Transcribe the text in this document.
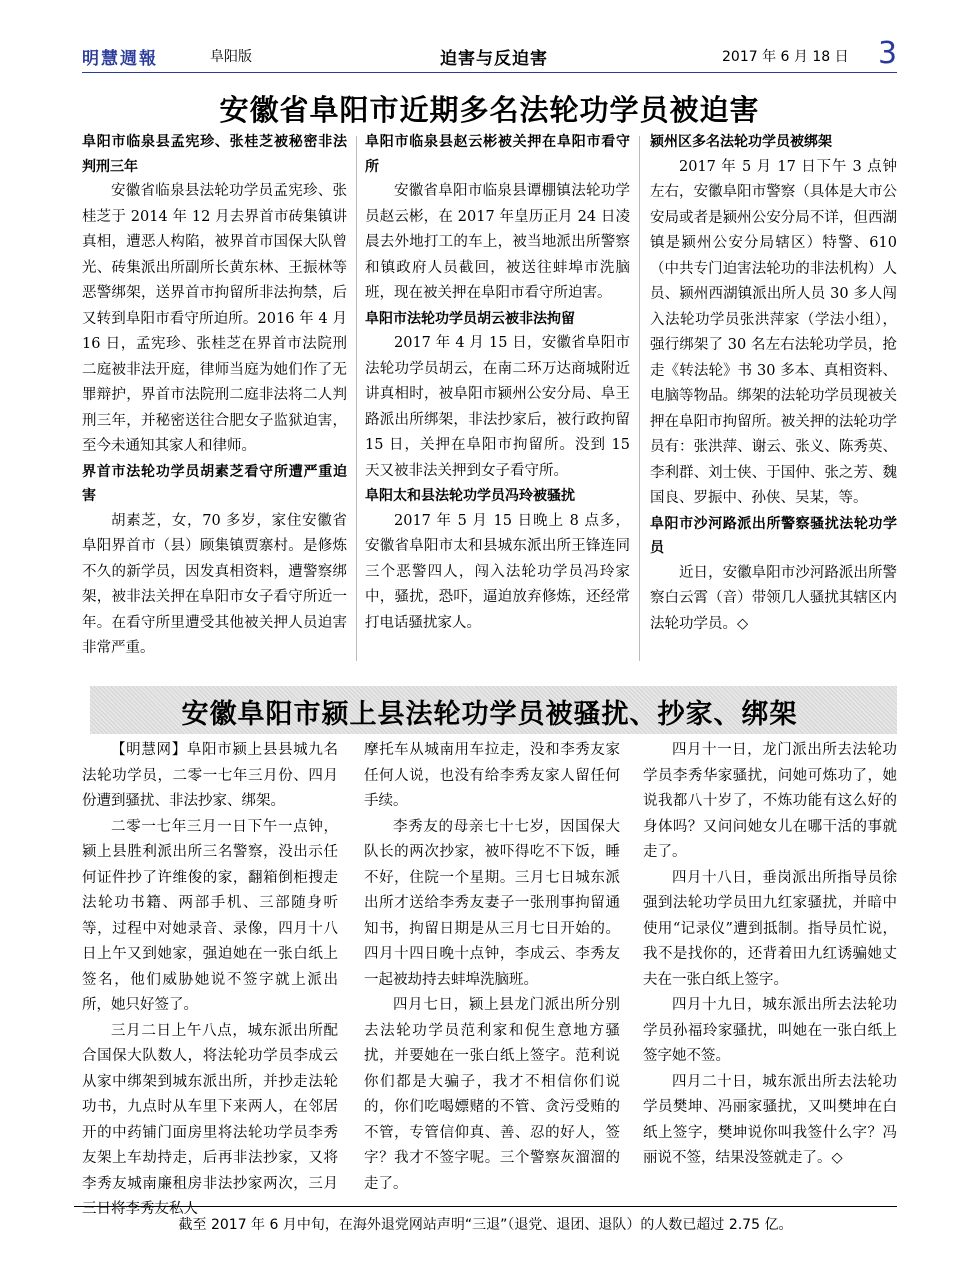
明慧週報	阜阳版	迫害与反迫害	2017 年 6 月 18 日 3
安徽省阜阳市近期多名法轮功学员被迫害
阜阳市临泉县孟宪珍、张桂芝被秘密非法判刑三年

安徽省临泉县法轮功学员孟宪珍、张桂芝于 2014 年 12 月去界首市砖集镇讲真相，遭恶人构陷，被界首市国保大队曾光、砖集派出所副所长黄东林、王振林等恶警绑架，送界首市拘留所非法拘禁，后又转到阜阳市看守所迫所。2016 年 4 月 16 日，孟宪珍、张桂芝在界首市法院刑二庭被非法开庭，律师当庭为她们作了无罪辩护，界首市法院刑二庭非法将二人判刑三年，并秘密送往合肥女子监狱迫害，至今未通知其家人和律师。

界首市法轮功学员胡素芝看守所遭严重迫害

胡素芝，女，70 多岁，家住安徽省阜阳界首市（县）顾集镇贾寨村。是修炼不久的新学员，因发真相资料，遭警察绑架，被非法关押在阜阳市女子看守所近一年。在看守所里遭受其他被关押人员迫害非常严重。

阜阳市临泉县赵云彬被关押在阜阳市看守所

安徽省阜阳市临泉县谭棚镇法轮功学员赵云彬，在 2017 年皇历正月 24 日凌晨去外地打工的车上，被当地派出所警察和镇政府人员截回，被送往蚌埠市洗脑班，现在被关押在阜阳市看守所迫害。

阜阳市法轮功学员胡云被非法拘留

2017 年 4 月 15 日，安徽省阜阳市法轮功学员胡云，在南二环万达商城附近讲真相时，被阜阳市颍州公安分局、阜王路派出所绑架，非法抄家后，被行政拘留 15 日，关押在阜阳市拘留所。没到 15 天又被非法关押到女子看守所。

阜阳太和县法轮功学员冯玲被骚扰

2017 年 5 月 15 日晚上 8 点多，安徽省阜阳市太和县城东派出所王锋连同三个恶警四人，闯入法轮功学员冯玲家中，骚扰，恐吓，逼迫放弃修炼，还经常打电话骚扰家人。

颍州区多名法轮功学员被绑架

2017 年 5 月 17 日下午 3 点钟左右，安徽阜阳市警察（具体是大市公安局或者是颍州公安分局不详，但西湖镇是颍州公安分局辖区）特警、610（中共专门迫害法轮功的非法机构）人员、颍州西湖镇派出所人员 30 多人闯入法轮功学员张洪萍家（学法小组），强行绑架了 30 名左右法轮功学员，抢走《转法轮》书 30 多本、真相资料、电脑等物品。绑架的法轮功学员现被关押在阜阳市拘留所。被关押的法轮功学员有：张洪萍、谢云、张义、陈秀英、李利群、刘士侠、于国仲、张之芳、魏国良、罗振中、孙侠、吴某，等。

阜阳市沙河路派出所警察骚扰法轮功学员

近日，安徽阜阳市沙河路派出所警察白云霄（音）带领几人骚扰其辖区内法轮功学员。◇

安徽阜阳市颍上县法轮功学员被骚扰、抄家、绑架

【明慧网】阜阳市颍上县县城九名法轮功学员，二零一七年三月份、四月份遭到骚扰、非法抄家、绑架。

二零一七年三月一日下午一点钟，颍上县胜利派出所三名警察，没出示任何证件抄了许维俊的家，翻箱倒柜搜走法轮功书籍、两部手机、三部随身听等，过程中对她录音、录像，四月十八日上午又到她家，强迫她在一张白纸上签名，他们威胁她说不签字就上派出所，她只好签了。

三月二日上午八点，城东派出所配合国保大队数人，将法轮功学员李成云从家中绑架到城东派出所，并抄走法轮功书，九点时从车里下来两人，在邻居开的中药铺门面房里将法轮功学员李秀友架上车劫持走，后再非法抄家，又将李秀友城南廉租房非法抄家两次，三月三日将李秀友私人

摩托车从城南用车拉走，没和李秀友家任何人说，也没有给李秀友家人留任何手续。

李秀友的母亲七十七岁，因国保大队长的两次抄家，被吓得吃不下饭，睡不好，住院一个星期。三月七日城东派出所才送给李秀友妻子一张刑事拘留通知书，拘留日期是从三月七日开始的。四月十四日晚十点钟，李成云、李秀友一起被劫持去蚌埠洗脑班。

四月七日，颍上县龙门派出所分别去法轮功学员范利家和倪生意地方骚扰，并要她在一张白纸上签字。范利说你们都是大骗子，我才不相信你们说的，你们吃喝嫖赌的不管、贪污受贿的不管，专管信仰真、善、忍的好人，签字？我才不签字呢。三个警察灰溜溜的走了。

四月十一日，龙门派出所去法轮功学员李秀华家骚扰，问她可炼功了，她说我都八十岁了，不炼功能有这么好的身体吗？又问问她女儿在哪干活的事就走了。

四月十八日，垂岗派出所指导员徐强到法轮功学员田九红家骚扰，并暗中使用“记录仪”遭到抵制。指导员忙说，我不是找你的，还背着田九红诱骗她丈夫在一张白纸上签字。

四月十九日，城东派出所去法轮功学员孙福玲家骚扰，叫她在一张白纸上签字她不签。

四月二十日，城东派出所去法轮功学员樊坤、冯丽家骚扰，又叫樊坤在白纸上签字，樊坤说你叫我签什么字？冯丽说不签，结果没签就走了。◇

截至 2017 年 6 月中旬，在海外退党网站声明“三退”（退党、退团、退队）的人数已超过 2.75 亿。
